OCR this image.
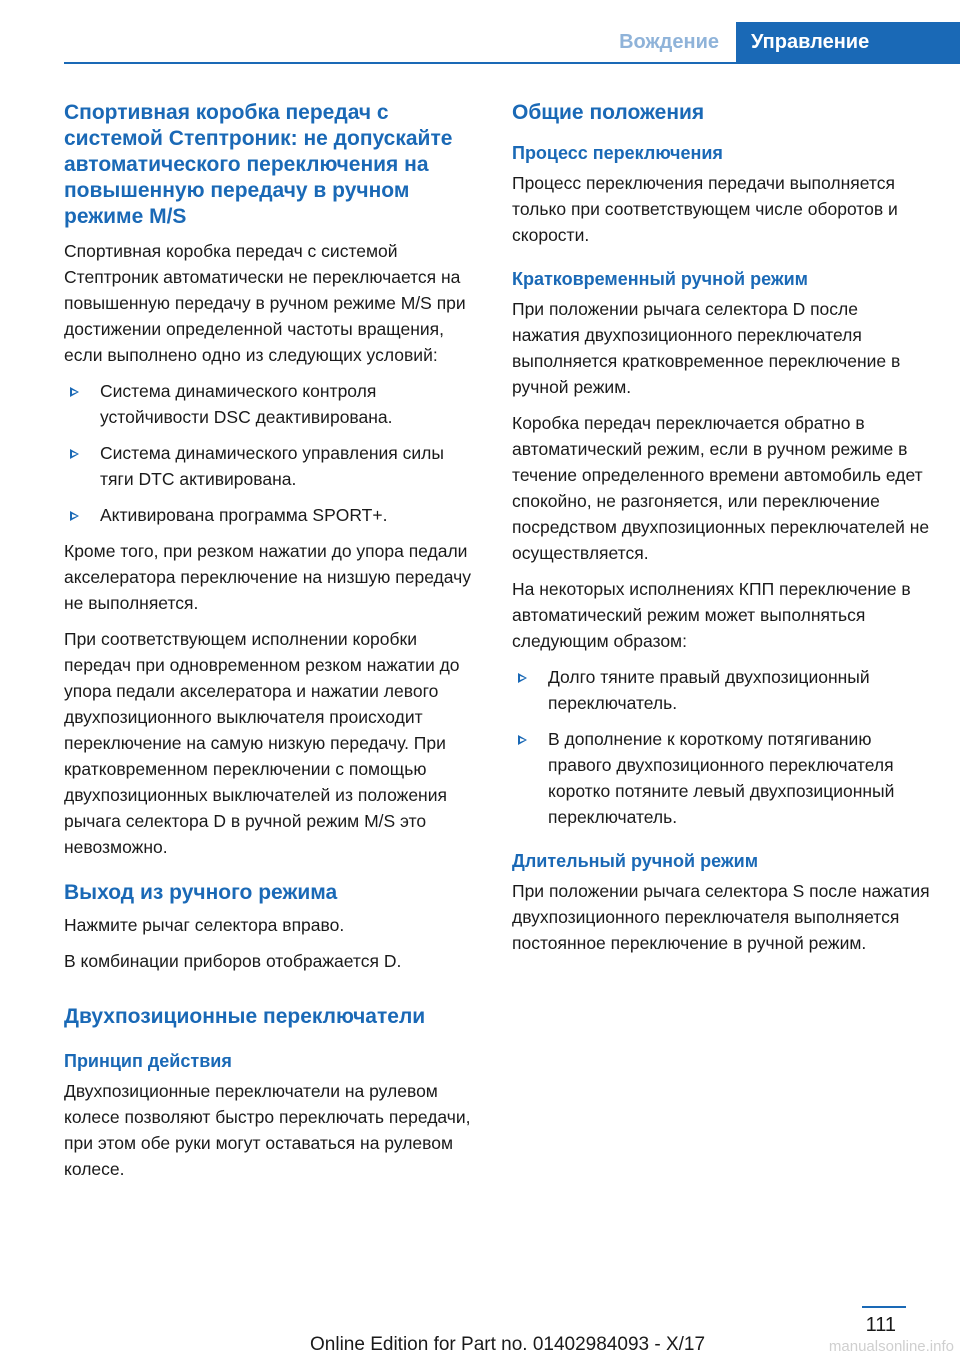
Вождение	Управление
Спортивная коробка передач с системой Стептроник: не допускайте автоматического переключения на повышенную передачу в ручном режиме M/S

Спортивная коробка передач с системой Стептроник автоматически не переключается на повышенную передачу в ручном режиме M/S при достижении определенной частоты вращения, если выполнено одно из следующих условий:

Система динамического контроля устойчивости DSC деактивирована.
Система динамического управления силы тяги DTC активирована.
Активирована программа SPORT+.

Кроме того, при резком нажатии до упора педали акселератора переключение на низшую передачу не выполняется.

При соответствующем исполнении коробки передач при одновременном резком нажатии до упора педали акселератора и нажатии левого двухпозиционного выключателя происходит переключение на самую низкую передачу. При кратковременном переключении с помощью двухпозиционных выключателей из положения рычага селектора D в ручной режим M/S это невозможно.

Выход из ручного режима

Нажмите рычаг селектора вправо.

В комбинации приборов отображается D.

Двухпозиционные переключатели
Принцип действия

Двухпозиционные переключатели на рулевом колесе позволяют быстро переключать передачи, при этом обе руки могут оставаться на рулевом колесе.

Общие положения
Процесс переключения

Процесс переключения передачи выполняется только при соответствующем числе оборотов и скорости.

Кратковременный ручной режим

При положении рычага селектора D после нажатия двухпозиционного переключателя выполняется кратковременное переключение в ручной режим.

Коробка передач переключается обратно в автоматический режим, если в ручном режиме в течение определенного времени автомобиль едет спокойно, не разгоняется, или переключение посредством двухпозиционных переключателей не осуществляется.

На некоторых исполнениях КПП переключение в автоматический режим может выполняться следующим образом:

Долго тяните правый двухпозиционный переключатель.
В дополнение к короткому потягиванию правого двухпозиционного переключателя коротко потяните левый двухпозиционный переключатель.
Длительный ручной режим

При положении рычага селектора S после нажатия двухпозиционного переключателя выполняется постоянное переключение в ручной режим.

111
Online Edition for Part no. 01402984093 - X/17	manualsonline.info
